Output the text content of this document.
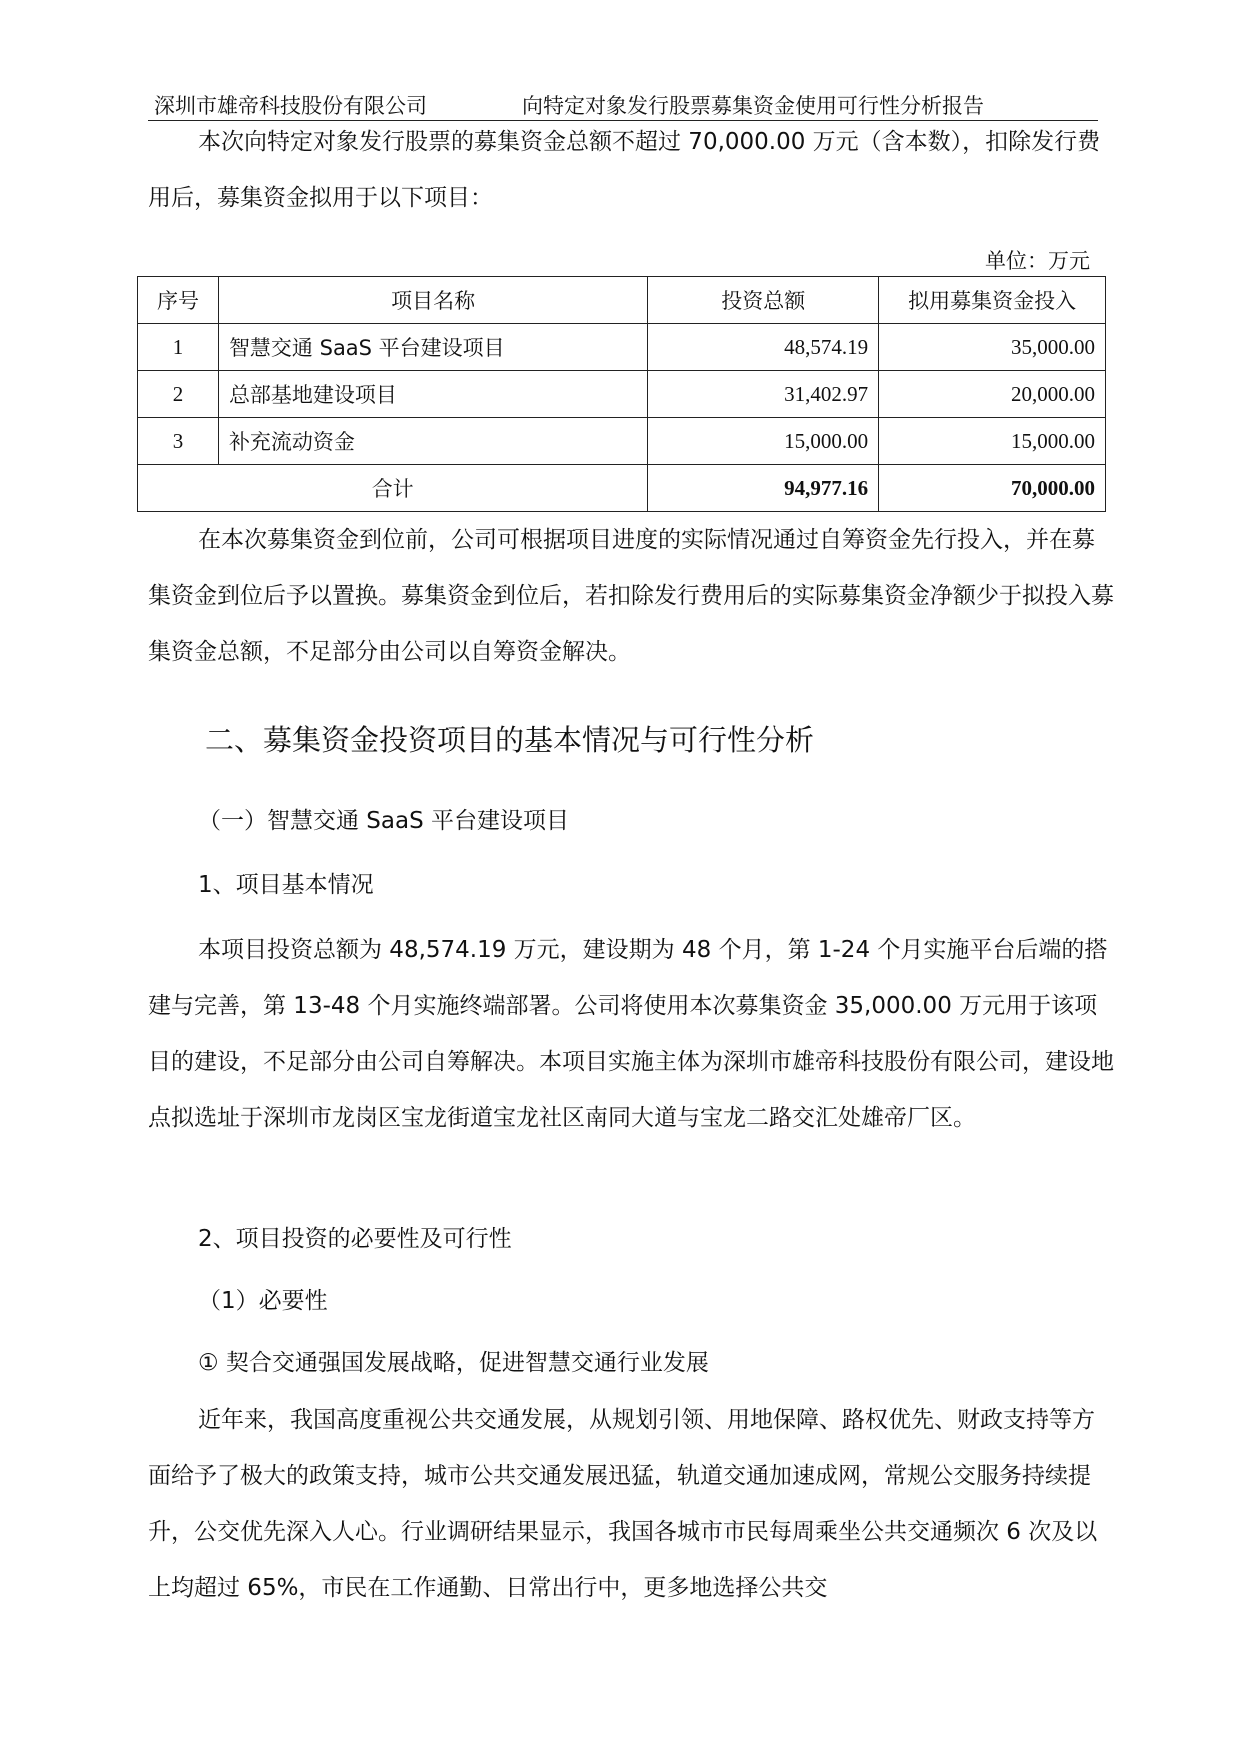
深圳市雄帝科技股份有限公司	向特定对象发行股票募集资金使用可行性分析报告

本次向特定对象发行股票的募集资金总额不超过 70,000.00 万元（含本数），扣除发行费用后，募集资金拟用于以下项目：

单位：万元
序号	项目名称	投资总额	拟用募集资金投入
1	智慧交通 SaaS 平台建设项目	48,574.19	35,000.00
2	总部基地建设项目	31,402.97	20,000.00
3	补充流动资金	15,000.00	15,000.00
合计		94,977.16	70,000.00

在本次募集资金到位前，公司可根据项目进度的实际情况通过自筹资金先行投入，并在募集资金到位后予以置换。募集资金到位后，若扣除发行费用后的实际募集资金净额少于拟投入募集资金总额，不足部分由公司以自筹资金解决。

二、募集资金投资项目的基本情况与可行性分析
（一）智慧交通 SaaS 平台建设项目
1、项目基本情况

本项目投资总额为 48,574.19 万元，建设期为 48 个月，第 1-24 个月实施平台后端的搭建与完善，第 13-48 个月实施终端部署。公司将使用本次募集资金 35,000.00 万元用于该项目的建设，不足部分由公司自筹解决。本项目实施主体为深圳市雄帝科技股份有限公司，建设地点拟选址于深圳市龙岗区宝龙街道宝龙社区南同大道与宝龙二路交汇处雄帝厂区。

2、项目投资的必要性及可行性
（1）必要性
① 契合交通强国发展战略，促进智慧交通行业发展

近年来，我国高度重视公共交通发展，从规划引领、用地保障、路权优先、财政支持等方面给予了极大的政策支持，城市公共交通发展迅猛，轨道交通加速成网，常规公交服务持续提升，公交优先深入人心。行业调研结果显示，我国各城市市民每周乘坐公共交通频次 6 次及以上均超过 65%，市民在工作通勤、日常出行中，更多地选择公共交
